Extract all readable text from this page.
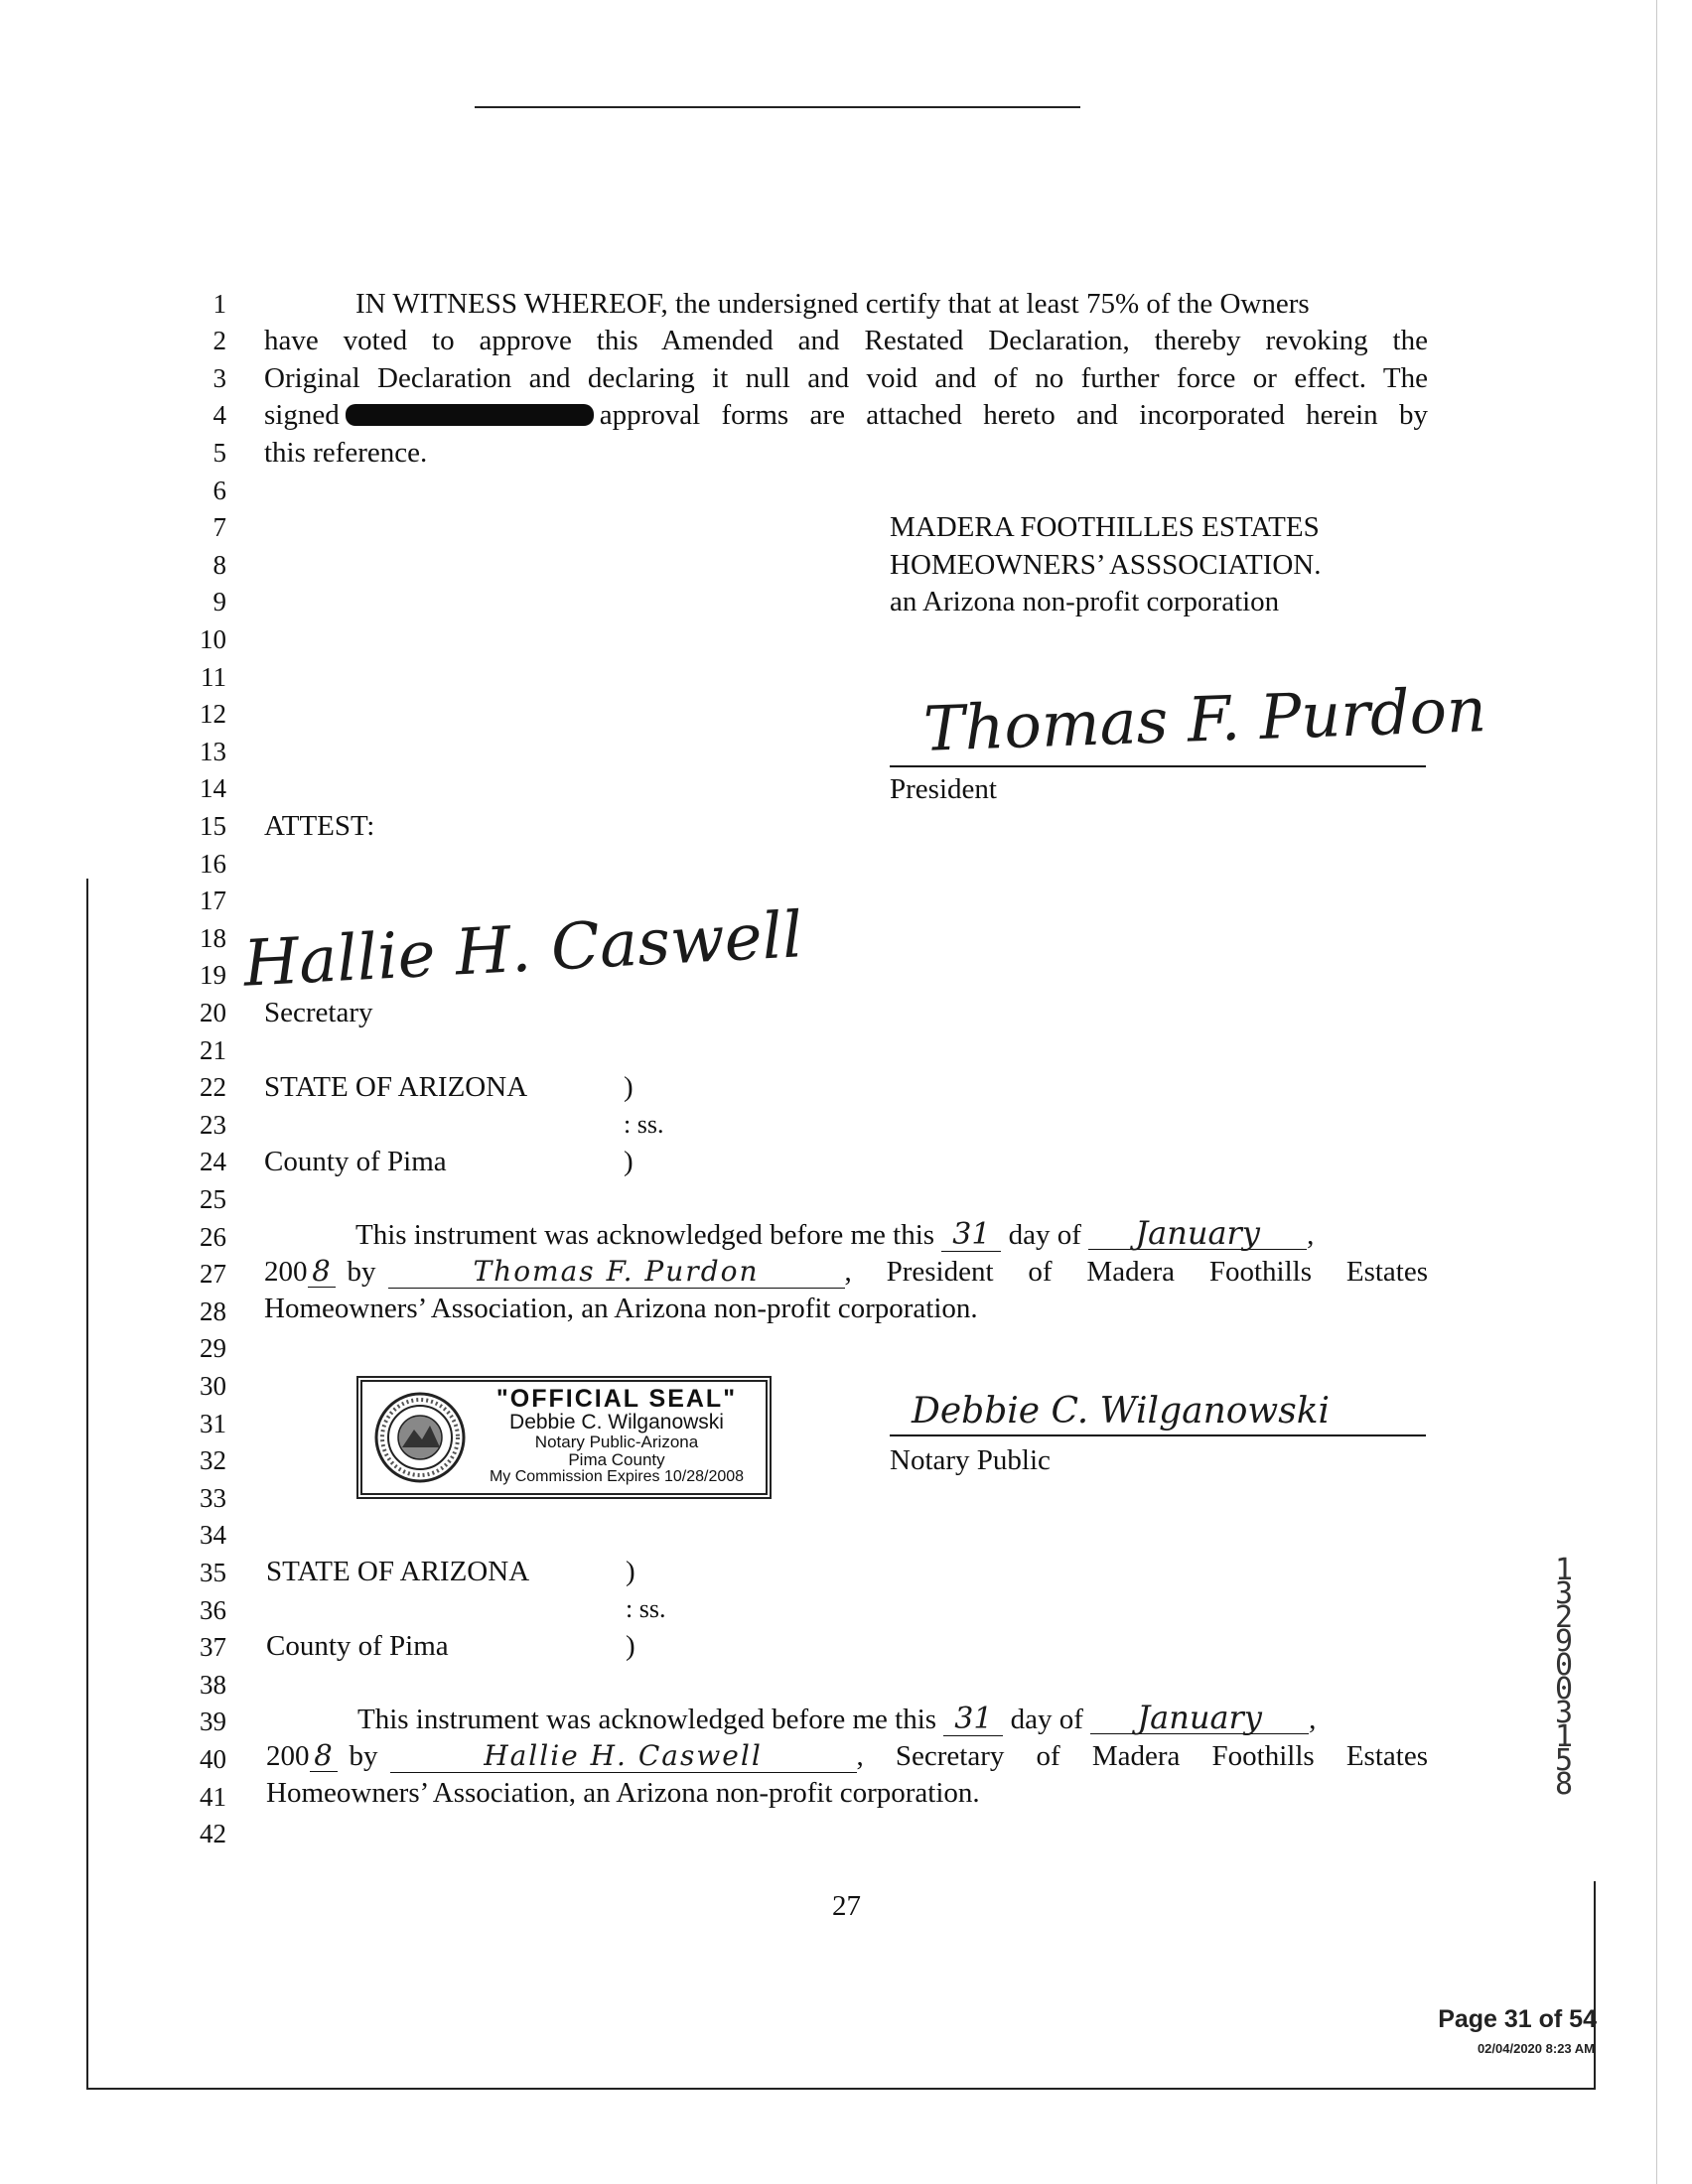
1
2
3
4
5
6
7
8
9
10
11
12
13
14
15
16
17
18
19
20
21
22
23
24
25
26
27
28
29
30
31
32
33
34
35
36
37
38
39
40
41
42
IN WITNESS WHEREOF, the undersigned certify that at least 75% of the Owners
have voted to approve this Amended and Restated Declaration, thereby revoking the
Original Declaration and declaring it null and void and of no further force or effect. The
signed	approval forms are attached hereto and incorporated herein by
this reference.
MADERA FOOTHILLES ESTATES
HOMEOWNERS’ ASSSOCIATION.
an Arizona non-profit corporation
Thomas F. Purdon
President
ATTEST:
Hallie H. Caswell
Secretary
STATE OF ARIZONA	)
: ss.
County of Pima	)
This instrument was acknowledged before me this 31 day of January ,
200 8 by	Thomas F. Purdon	, President of Madera Foothills Estates
Homeowners’ Association, an Arizona non-profit corporation.
"OFFICIAL SEAL"
Debbie C. Wilganowski
Notary Public-Arizona
Pima County
My Commission Expires 10/28/2008
Debbie C. Wilganowski
Notary Public
STATE OF ARIZONA	)
: ss.
County of Pima	)
This instrument was acknowledged before me this 31 day of January ,
200 8 by	Hallie H. Caswell	, Secretary of Madera Foothills Estates
Homeowners’ Association, an Arizona non-profit corporation.
27
13290 03158
Page 31 of 54
02/04/2020 8:23 AM
